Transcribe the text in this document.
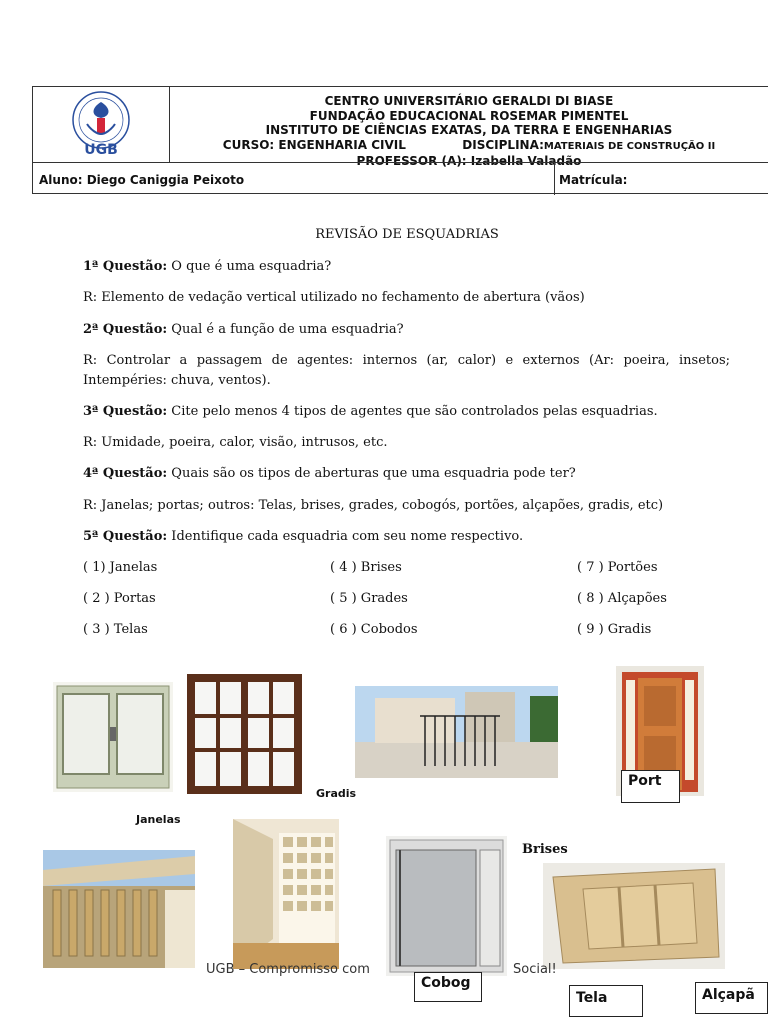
UGB
CENTRO UNIVERSITÁRIO GERALDI DI BIASE
FUNDAÇÃO EDUCACIONAL ROSEMAR PIMENTEL
INSTITUTO DE CIÊNCIAS EXATAS, DA TERRA E ENGENHARIAS
CURSO: ENGENHARIA CIVIL	DISCIPLINA:MATERIAIS DE CONSTRUÇÃO II
PROFESSOR (A): Izabella Valadão
Aluno: Diego Caniggia Peixoto	Matrícula:
REVISÃO DE ESQUADRIAS
1ª Questão: O que é uma esquadria?
R: Elemento de vedação vertical utilizado no fechamento de abertura (vãos)
2ª Questão: Qual é a função de uma esquadria?
R: Controlar a passagem de agentes: internos (ar, calor) e externos (Ar: poeira, insetos; Intempéries: chuva, ventos).
3ª Questão: Cite pelo menos 4 tipos de agentes que são controlados pelas esquadrias.
R: Umidade, poeira, calor, visão, intrusos, etc.
4ª Questão: Quais são os tipos de aberturas que uma esquadria pode ter?
R: Janelas; portas; outros: Telas, brises, grades, cobogós, portões, alçapões, gradis, etc)
5ª Questão: Identifique cada esquadria com seu nome respectivo.
( 1) Janelas	( 4 ) Brises	( 7 ) Portões
( 2 ) Portas	( 5 ) Grades	( 8 ) Alçapões
( 3 ) Telas	( 6 ) Cobodos	( 9 ) Gradis
Gradis
Port
Janelas
Brises
UGB – Compromisso com	Social!
Cobog
Tela	Alçapã
